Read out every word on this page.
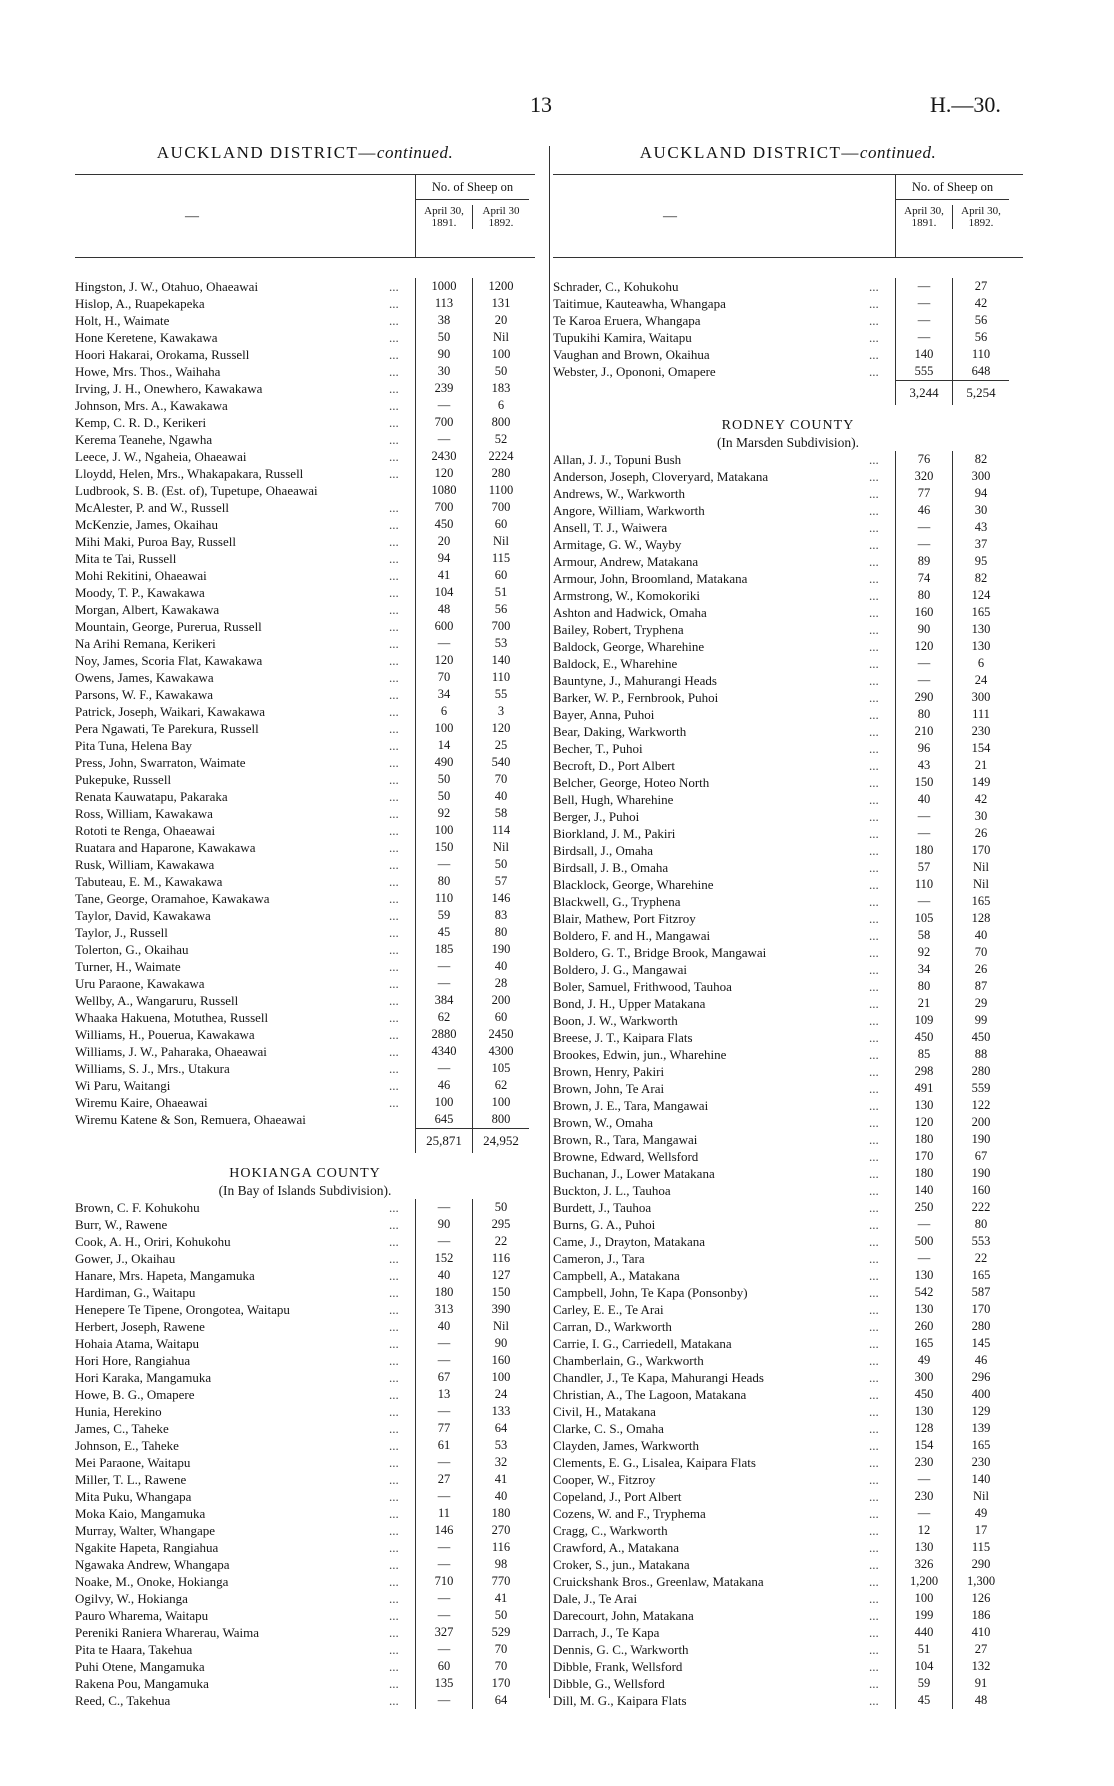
13	H.—30.
AUCKLAND DISTRICT—continued.
—
No. of Sheep on
April 30,
1891.
April 30
1892.
Hingston, J. W., Otahuo, Ohaeawai	...	1000	1200
Hislop, A., Ruapekapeka	...	113	131
Holt, H., Waimate	...	38	20
Hone Keretene, Kawakawa	...	50	Nil
Hoori Hakarai, Orokama, Russell	...	90	100
Howe, Mrs. Thos., Waihaha	...	30	50
Irving, J. H., Onewhero, Kawakawa	...	239	183
Johnson, Mrs. A., Kawakawa	...	—	6
Kemp, C. R. D., Kerikeri	...	700	800
Kerema Teanehe, Ngawha	...	—	52
Leece, J. W., Ngaheia, Ohaeawai	...	2430	2224
Lloydd, Helen, Mrs., Whakapakara, Russell	...	120	280
Ludbrook, S. B. (Est. of), Tupetupe, Ohaeawai	1080	1100
McAlester, P. and W., Russell	...	700	700
McKenzie, James, Okaihau	...	450	60
Mihi Maki, Puroa Bay, Russell	...	20	Nil
Mita te Tai, Russell	...	94	115
Mohi Rekitini, Ohaeawai	...	41	60
Moody, T. P., Kawakawa	...	104	51
Morgan, Albert, Kawakawa	...	48	56
Mountain, George, Purerua, Russell	...	600	700
Na Arihi Remana, Kerikeri	...	—	53
Noy, James, Scoria Flat, Kawakawa	...	120	140
Owens, James, Kawakawa	...	70	110
Parsons, W. F., Kawakawa	...	34	55
Patrick, Joseph, Waikari, Kawakawa	...	6	3
Pera Ngawati, Te Parekura, Russell	...	100	120
Pita Tuna, Helena Bay	...	14	25
Press, John, Swarraton, Waimate	...	490	540
Pukepuke, Russell	...	50	70
Renata Kauwatapu, Pakaraka	...	50	40
Ross, William, Kawakawa	...	92	58
Rototi te Renga, Ohaeawai	...	100	114
Ruatara and Haparone, Kawakawa	...	150	Nil
Rusk, William, Kawakawa	...	—	50
Tabuteau, E. M., Kawakawa	...	80	57
Tane, George, Oramahoe, Kawakawa	...	110	146
Taylor, David, Kawakawa	...	59	83
Taylor, J., Russell	...	45	80
Tolerton, G., Okaihau	...	185	190
Turner, H., Waimate	...	—	40
Uru Paraone, Kawakawa	...	—	28
Wellby, A., Wangaruru, Russell	...	384	200
Whaaka Hakuena, Motuthea, Russell	...	62	60
Williams, H., Pouerua, Kawakawa	...	2880	2450
Williams, J. W., Paharaka, Ohaeawai	...	4340	4300
Williams, S. J., Mrs., Utakura	...	—	105
Wi Paru, Waitangi	...	46	62
Wiremu Kaire, Ohaeawai	...	100	100
Wiremu Katene & Son, Remuera, Ohaeawai	645	800
25,871	24,952
HOKIANGA COUNTY
(In Bay of Islands Subdivision).
Brown, C. F. Kohukohu	...	—	50
Burr, W., Rawene	...	90	295
Cook, A. H., Oriri, Kohukohu	...	—	22
Gower, J., Okaihau	...	152	116
Hanare, Mrs. Hapeta, Mangamuka	...	40	127
Hardiman, G., Waitapu	...	180	150
Henepere Te Tipene, Orongotea, Waitapu	...	313	390
Herbert, Joseph, Rawene	...	40	Nil
Hohaia Atama, Waitapu	...	—	90
Hori Hore, Rangiahua	...	—	160
Hori Karaka, Mangamuka	...	67	100
Howe, B. G., Omapere	...	13	24
Hunia, Herekino	...	—	133
James, C., Taheke	...	77	64
Johnson, E., Taheke	...	61	53
Mei Paraone, Waitapu	...	—	32
Miller, T. L., Rawene	...	27	41
Mita Puku, Whangapa	...	—	40
Moka Kaio, Mangamuka	...	11	180
Murray, Walter, Whangape	...	146	270
Ngakite Hapeta, Rangiahua	...	—	116
Ngawaka Andrew, Whangapa	...	—	98
Noake, M., Onoke, Hokianga	...	710	770
Ogilvy, W., Hokianga	...	—	41
Pauro Wharema, Waitapu	...	—	50
Pereniki Raniera Wharerau, Waima	...	327	529
Pita te Haara, Takehua	...	—	70
Puhi Otene, Mangamuka	...	60	70
Rakena Pou, Mangamuka	...	135	170
Reed, C., Takehua	...	—	64
AUCKLAND DISTRICT—continued.
—
No. of Sheep on
April 30,
1891.
April 30,
1892.
Schrader, C., Kohukohu	...	—	27
Taitimue, Kauteawha, Whangapa	...	—	42
Te Karoa Eruera, Whangapa	...	—	56
Tupukihi Kamira, Waitapu	...	—	56
Vaughan and Brown, Okaihua	...	140	110
Webster, J., Opononi, Omapere	...	555	648
3,244	5,254
RODNEY COUNTY
(In Marsden Subdivision).
Allan, J. J., Topuni Bush	...	76	82
Anderson, Joseph, Cloveryard, Matakana	...	320	300
Andrews, W., Warkworth	...	77	94
Angore, William, Warkworth	...	46	30
Ansell, T. J., Waiwera	...	—	43
Armitage, G. W., Wayby	...	—	37
Armour, Andrew, Matakana	...	89	95
Armour, John, Broomland, Matakana	...	74	82
Armstrong, W., Komokoriki	...	80	124
Ashton and Hadwick, Omaha	...	160	165
Bailey, Robert, Tryphena	...	90	130
Baldock, George, Wharehine	...	120	130
Baldock, E., Wharehine	...	—	6
Bauntyne, J., Mahurangi Heads	...	—	24
Barker, W. P., Fernbrook, Puhoi	...	290	300
Bayer, Anna, Puhoi	...	80	111
Bear, Daking, Warkworth	...	210	230
Becher, T., Puhoi	...	96	154
Becroft, D., Port Albert	...	43	21
Belcher, George, Hoteo North	...	150	149
Bell, Hugh, Wharehine	...	40	42
Berger, J., Puhoi	...	—	30
Biorkland, J. M., Pakiri	...	—	26
Birdsall, J., Omaha	...	180	170
Birdsall, J. B., Omaha	...	57	Nil
Blacklock, George, Wharehine	...	110	Nil
Blackwell, G., Tryphena	...	—	165
Blair, Mathew, Port Fitzroy	...	105	128
Boldero, F. and H., Mangawai	...	58	40
Boldero, G. T., Bridge Brook, Mangawai	...	92	70
Boldero, J. G., Mangawai	...	34	26
Boler, Samuel, Frithwood, Tauhoa	...	80	87
Bond, J. H., Upper Matakana	...	21	29
Boon, J. W., Warkworth	...	109	99
Breese, J. T., Kaipara Flats	...	450	450
Brookes, Edwin, jun., Wharehine	...	85	88
Brown, Henry, Pakiri	...	298	280
Brown, John, Te Arai	...	491	559
Brown, J. E., Tara, Mangawai	...	130	122
Brown, W., Omaha	...	120	200
Brown, R., Tara, Mangawai	...	180	190
Browne, Edward, Wellsford	...	170	67
Buchanan, J., Lower Matakana	...	180	190
Buckton, J. L., Tauhoa	...	140	160
Burdett, J., Tauhoa	...	250	222
Burns, G. A., Puhoi	...	—	80
Came, J., Drayton, Matakana	...	500	553
Cameron, J., Tara	...	—	22
Campbell, A., Matakana	...	130	165
Campbell, John, Te Kapa (Ponsonby)	...	542	587
Carley, E. E., Te Arai	...	130	170
Carran, D., Warkworth	...	260	280
Carrie, I. G., Carriedell, Matakana	...	165	145
Chamberlain, G., Warkworth	...	49	46
Chandler, J., Te Kapa, Mahurangi Heads	...	300	296
Christian, A., The Lagoon, Matakana	...	450	400
Civil, H., Matakana	...	130	129
Clarke, C. S., Omaha	...	128	139
Clayden, James, Warkworth	...	154	165
Clements, E. G., Lisalea, Kaipara Flats	...	230	230
Cooper, W., Fitzroy	...	—	140
Copeland, J., Port Albert	...	230	Nil
Cozens, W. and F., Tryphema	...	—	49
Cragg, C., Warkworth	...	12	17
Crawford, A., Matakana	...	130	115
Croker, S., jun., Matakana	...	326	290
Cruickshank Bros., Greenlaw, Matakana	...	1,200	1,300
Dale, J., Te Arai	...	100	126
Darecourt, John, Matakana	...	199	186
Darrach, J., Te Kapa	...	440	410
Dennis, G. C., Warkworth	...	51	27
Dibble, Frank, Wellsford	...	104	132
Dibble, G., Wellsford	...	59	91
Dill, M. G., Kaipara Flats	...	45	48
